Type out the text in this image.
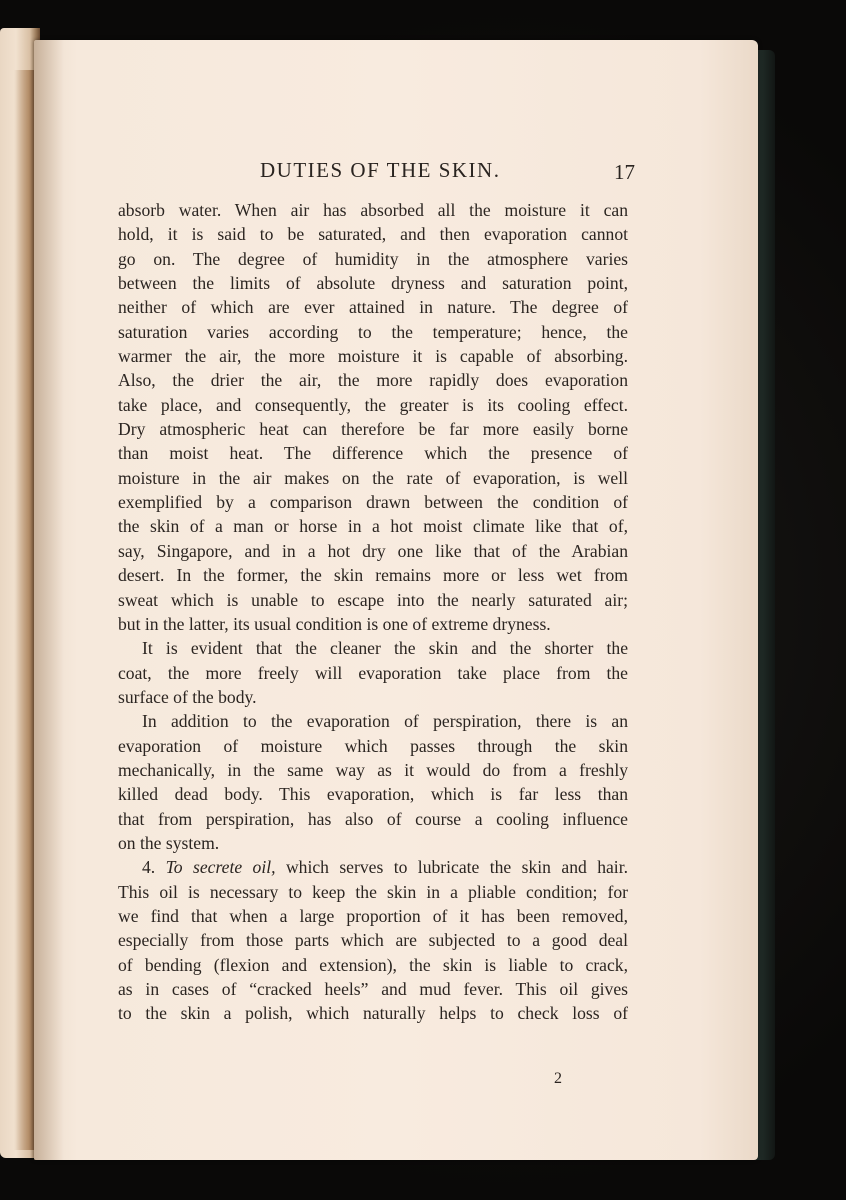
DUTIES OF THE SKIN.	17
absorb water. When air has absorbed all the moisture it can
hold, it is said to be saturated, and then evaporation cannot
go on. The degree of humidity in the atmosphere varies
between the limits of absolute dryness and saturation point,
neither of which are ever attained in nature. The degree of
saturation varies according to the temperature; hence, the
warmer the air, the more moisture it is capable of absorbing.
Also, the drier the air, the more rapidly does evaporation
take place, and consequently, the greater is its cooling effect.
Dry atmospheric heat can therefore be far more easily borne
than moist heat. The difference which the presence of
moisture in the air makes on the rate of evaporation, is well
exemplified by a comparison drawn between the condition of
the skin of a man or horse in a hot moist climate like that of,
say, Singapore, and in a hot dry one like that of the Arabian
desert. In the former, the skin remains more or less wet from
sweat which is unable to escape into the nearly saturated air;
but in the latter, its usual condition is one of extreme dryness.
It is evident that the cleaner the skin and the shorter the
coat, the more freely will evaporation take place from the
surface of the body.
In addition to the evaporation of perspiration, there is an
evaporation of moisture which passes through the skin
mechanically, in the same way as it would do from a freshly
killed dead body. This evaporation, which is far less than
that from perspiration, has also of course a cooling influence
on the system.
4. To secrete oil, which serves to lubricate the skin and hair.
This oil is necessary to keep the skin in a pliable condition; for
we find that when a large proportion of it has been removed,
especially from those parts which are subjected to a good deal
of bending (flexion and extension), the skin is liable to crack,
as in cases of “cracked heels” and mud fever. This oil gives
to the skin a polish, which naturally helps to check loss of
2
